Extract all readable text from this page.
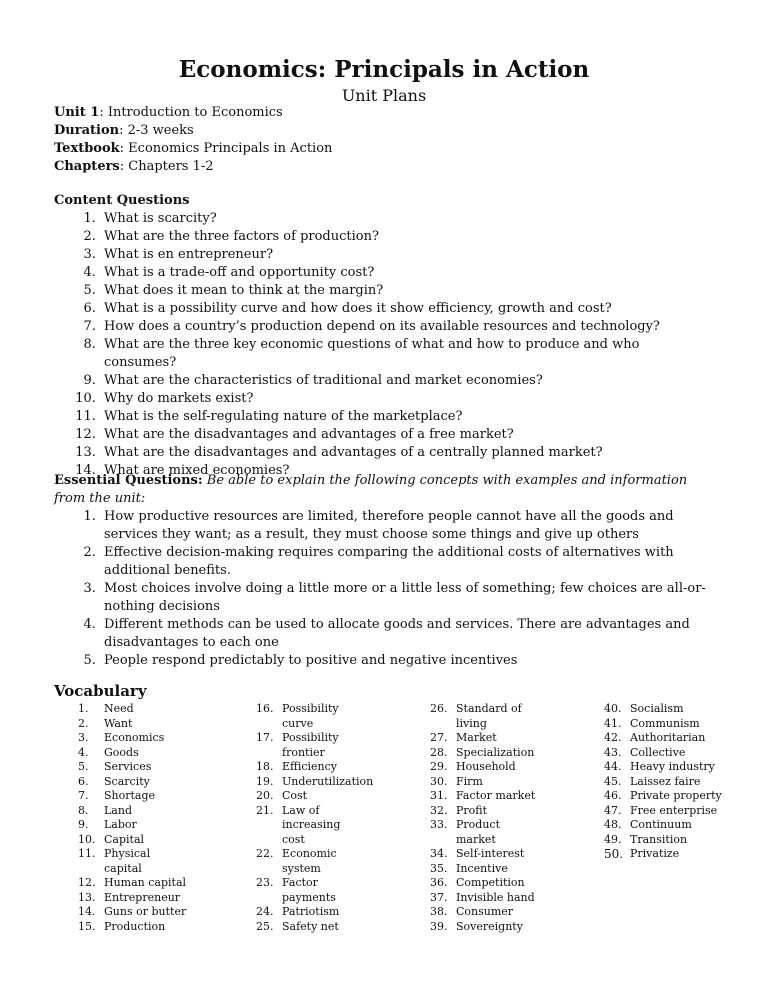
Economics: Principals in Action
Unit Plans
Unit 1: Introduction to Economics
Duration: 2-3 weeks
Textbook: Economics Principals in Action
Chapters: Chapters 1-2
Content Questions
1. What is scarcity?
2. What are the three factors of production?
3. What is en entrepreneur?
4. What is a trade-off and opportunity cost?
5. What does it mean to think at the margin?
6. What is a possibility curve and how does it show efficiency, growth and cost?
7. How does a country’s production depend on its available resources and technology?
8. What are the three key economic questions of what and how to produce and who consumes?
9. What are the characteristics of traditional and market economies?
10. Why do markets exist?
11. What is the self-regulating nature of the marketplace?
12. What are the disadvantages and advantages of a free market?
13. What are the disadvantages and advantages of a centrally planned market?
14. What are mixed economies?
Essential Questions: Be able to explain the following concepts with examples and information from the unit:
1. How productive resources are limited, therefore people cannot have all the goods and services they want; as a result, they must choose some things and give up others
2. Effective decision-making requires comparing the additional costs of alternatives with additional benefits.
3. Most choices involve doing a little more or a little less of something; few choices are all-or-nothing decisions
4. Different methods can be used to allocate goods and services. There are advantages and disadvantages to each one
5. People respond predictably to positive and negative incentives
Vocabulary
1. Need
2. Want
3. Economics
4. Goods
5. Services
6. Scarcity
7. Shortage
8. Land
9. Labor
10. Capital
11. Physical capital
12. Human capital
13. Entrepreneur
14. Guns or butter
15. Production
16. Possibility curve
17. Possibility frontier
18. Efficiency
19. Underutilization
20. Cost
21. Law of increasing cost
22. Economic system
23. Factor payments
24. Patriotism
25. Safety net
26. Standard of living
27. Market
28. Specialization
29. Household
30. Firm
31. Factor market
32. Profit
33. Product market
34. Self-interest
35. Incentive
36. Competition
37. Invisible hand
38. Consumer
39. Sovereignty
40. Socialism
41. Communism
42. Authoritarian
43. Collective
44. Heavy industry
45. Laissez faire
46. Private property
47. Free enterprise
48. Continuum
49. Transition
50. Privatize
